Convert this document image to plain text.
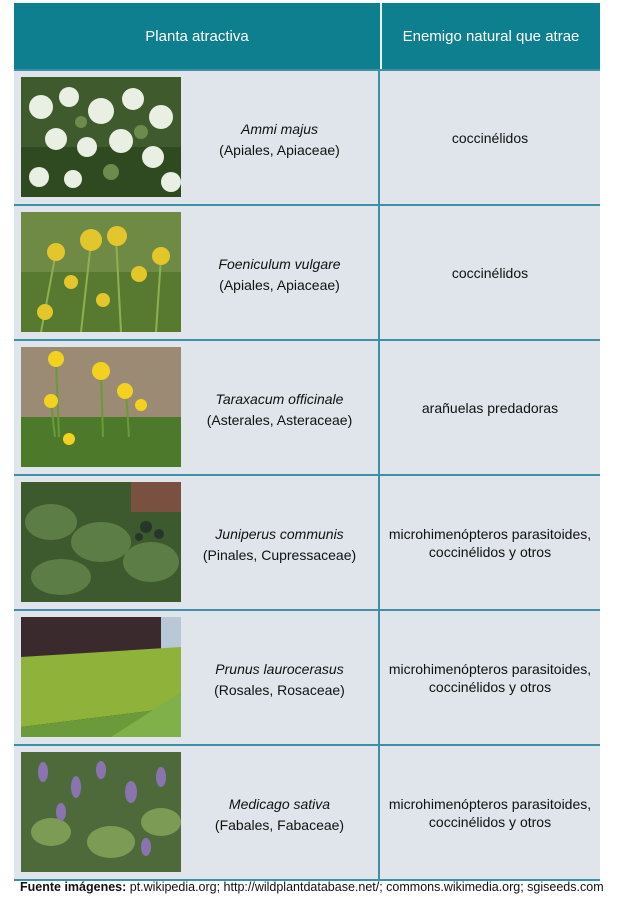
Planta atractiva	Enemigo natural que atrae
Ammi majus
(Apiales, Apiaceae)
coccinélidos
Foeniculum vulgare
(Apiales, Apiaceae)
coccinélidos
Taraxacum officinale
(Asterales, Asteraceae)
arañuelas predadoras
Juniperus communis
(Pinales, Cupressaceae)
microhimenópteros parasitoides, coccinélidos y otros
Prunus laurocerasus
(Rosales, Rosaceae)
microhimenópteros parasitoides, coccinélidos y otros
Medicago sativa
(Fabales, Fabaceae)
microhimenópteros parasitoides, coccinélidos y otros
Fuente imágenes: pt.wikipedia.org; http://wildplantdatabase.net/; commons.wikimedia.org; sgiseeds.com
